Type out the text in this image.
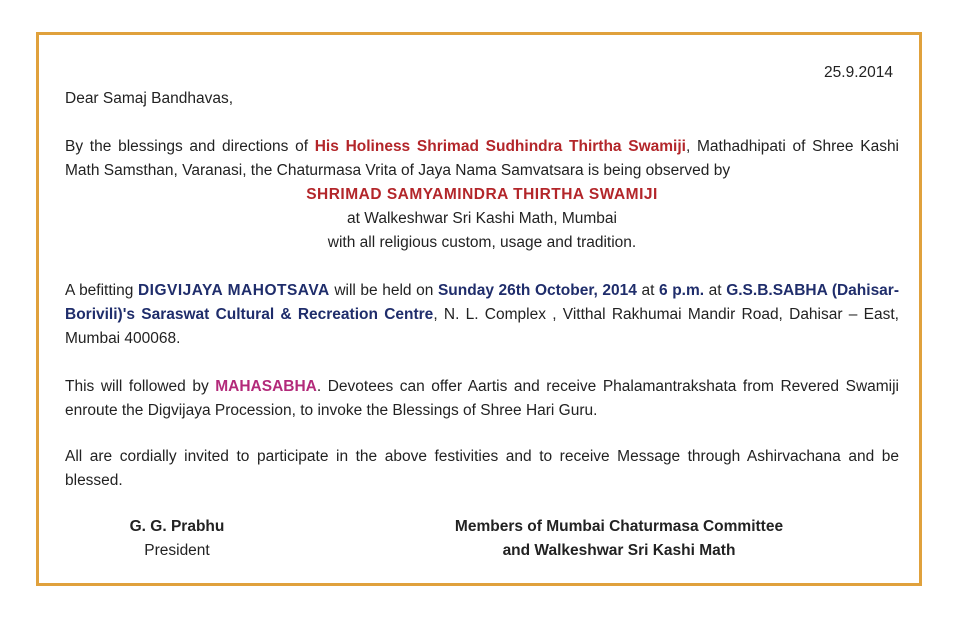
25.9.2014
Dear Samaj Bandhavas,
By the blessings and directions of His Holiness Shrimad Sudhindra Thirtha Swamiji, Mathadhipati of Shree Kashi Math Samsthan, Varanasi, the Chaturmasa Vrita of Jaya Nama Samvatsara is being observed by
SHRIMAD SAMYAMINDRA THIRTHA SWAMIJI
at Walkeshwar Sri Kashi Math, Mumbai
with all religious custom, usage and tradition.
A befitting DIGVIJAYA MAHOTSAVA will be held on Sunday 26th October, 2014 at 6 p.m. at G.S.B.SABHA (Dahisar-Borivili)'s Saraswat Cultural & Recreation Centre, N. L. Complex , Vitthal Rakhumai Mandir Road, Dahisar – East, Mumbai 400068.
This will followed by MAHASABHA. Devotees can offer Aartis and receive Phalamantrakshata from Revered Swamiji enroute the Digvijaya Procession, to invoke the Blessings of Shree Hari Guru.
All are cordially invited to participate in the above festivities and to receive Message through Ashirvachana and be blessed.
G. G. Prabhu
President
Members of Mumbai Chaturmasa Committee
and Walkeshwar Sri Kashi Math
